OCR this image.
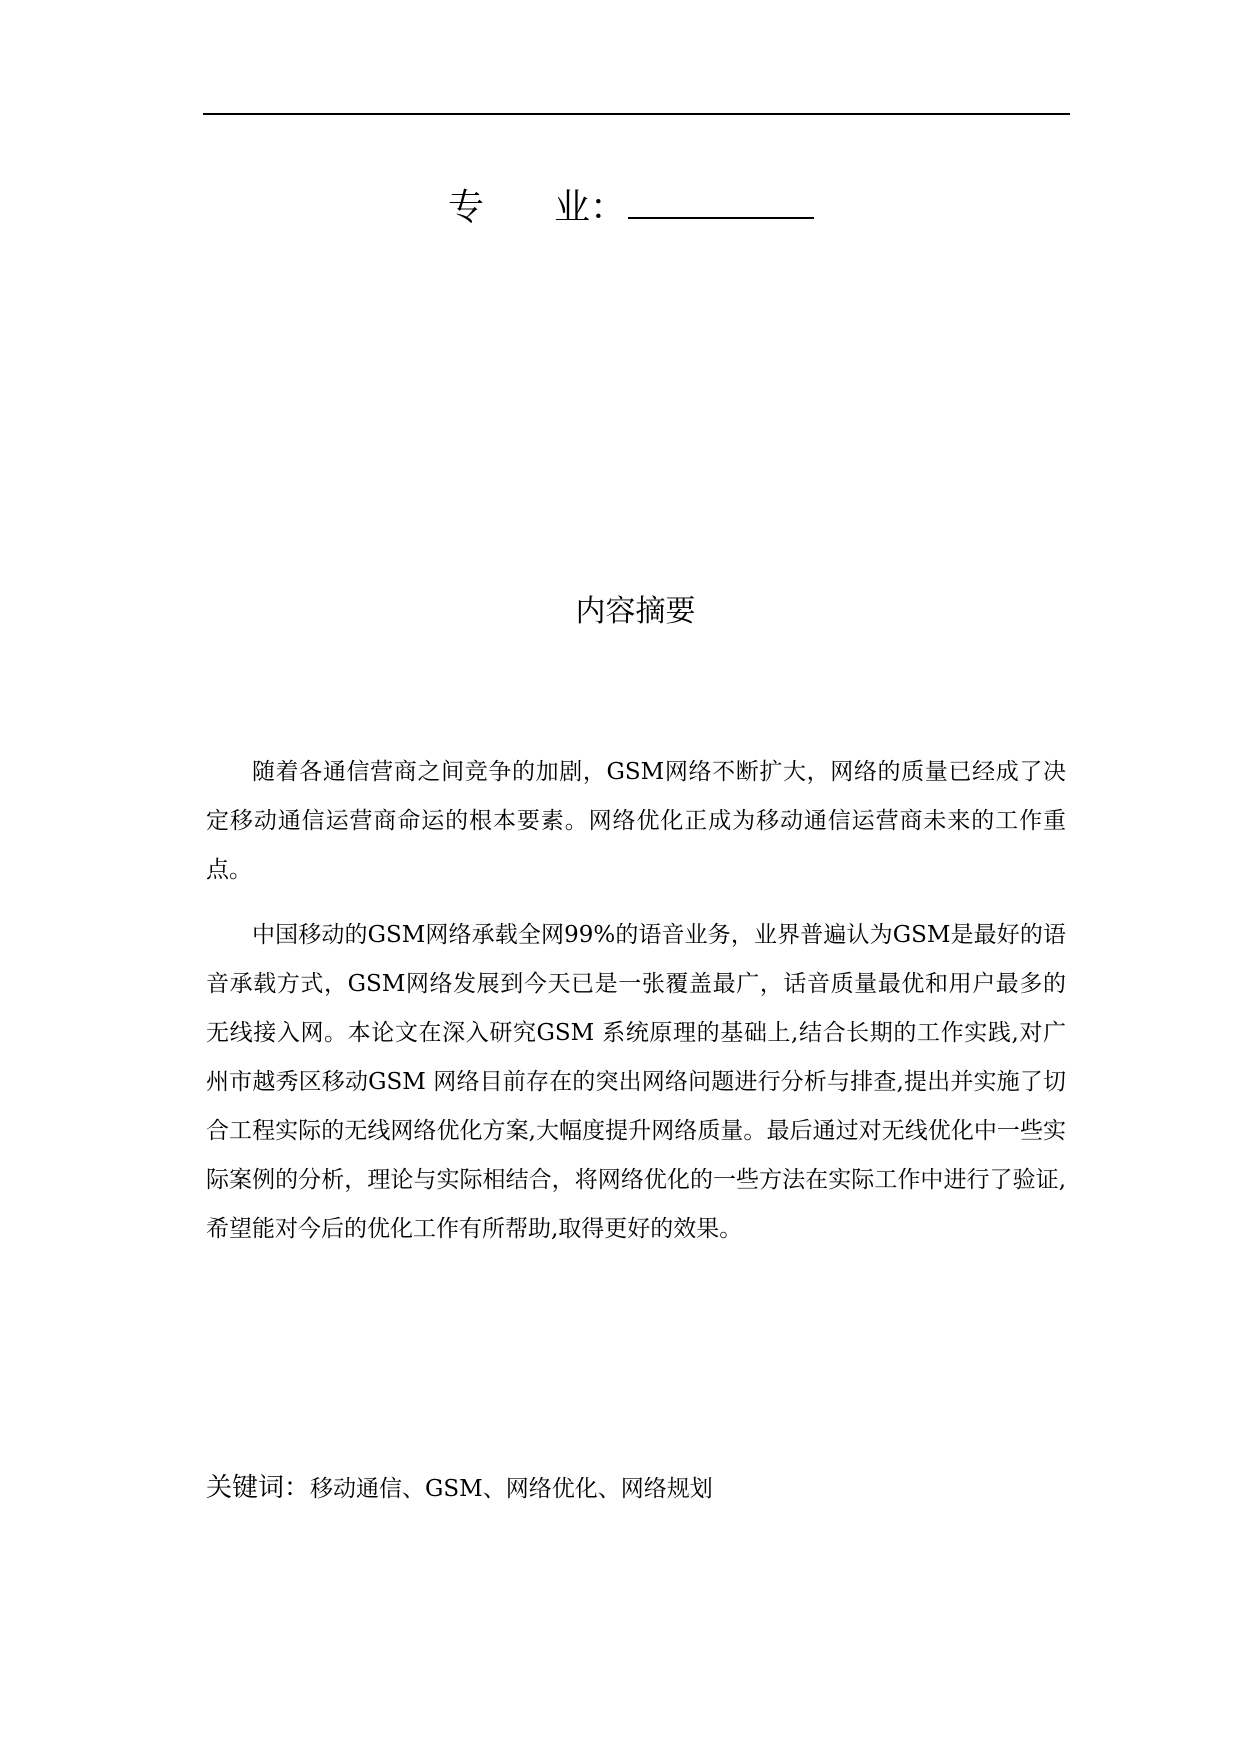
专 业：
内容摘要

随着各通信营商之间竞争的加剧，GSM网络不断扩大，网络的质量已经成了决定移动通信运营商命运的根本要素。网络优化正成为移动通信运营商未来的工作重点。

中国移动的GSM网络承载全网99%的语音业务，业界普遍认为GSM是最好的语音承载方式，GSM网络发展到今天已是一张覆盖最广，话音质量最优和用户最多的无线接入网。本论文在深入研究GSM 系统原理的基础上,结合长期的工作实践,对广州市越秀区移动GSM 网络目前存在的突出网络问题进行分析与排查,提出并实施了切合工程实际的无线网络优化方案,大幅度提升网络质量。最后通过对无线优化中一些实际案例的分析，理论与实际相结合，将网络优化的一些方法在实际工作中进行了验证,希望能对今后的优化工作有所帮助,取得更好的效果。

关键词：移动通信、GSM、网络优化、网络规划
